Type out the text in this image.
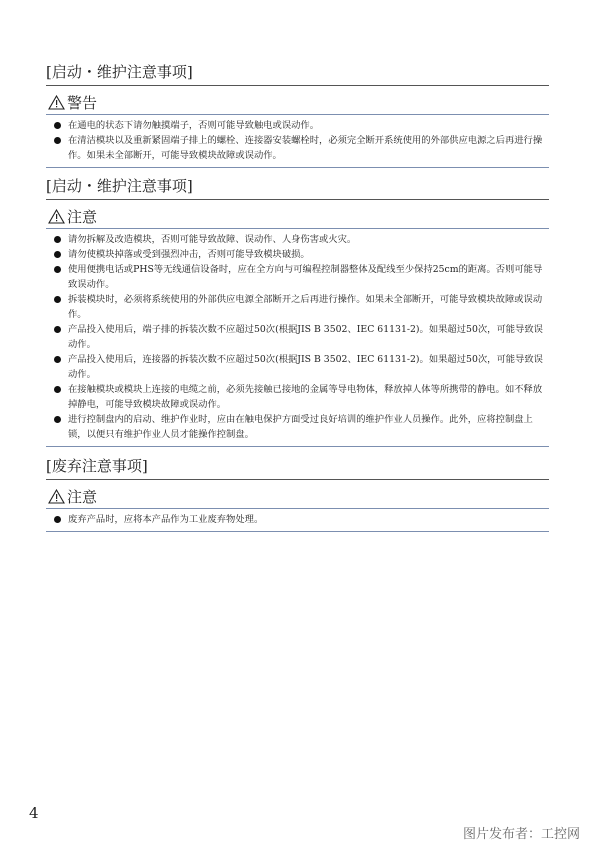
[启动・维护注意事项]
警告
在通电的状态下请勿触摸端子，否则可能导致触电或误动作。
在清洁模块以及重新紧固端子排上的螺栓、连接器安装螺栓时，必须完全断开系统使用的外部供应电源之后再进行操作。如果未全部断开，可能导致模块故障或误动作。
[启动・维护注意事项]
注意
请勿拆解及改造模块，否则可能导致故障、误动作、人身伤害或火灾。
请勿使模块掉落或受到强烈冲击，否则可能导致模块破损。
使用便携电话或PHS等无线通信设备时，应在全方向与可编程控制器整体及配线至少保持25cm的距离。否则可能导致误动作。
拆装模块时，必须将系统使用的外部供应电源全部断开之后再进行操作。如果未全部断开，可能导致模块故障或误动作。
产品投入使用后，端子排的拆装次数不应超过50次(根据JIS B 3502、IEC 61131-2)。如果超过50次，可能导致误动作。
产品投入使用后，连接器的拆装次数不应超过50次(根据JIS B 3502、IEC 61131-2)。如果超过50次，可能导致误动作。
在接触模块或模块上连接的电缆之前，必须先接触已接地的金属等导电物体，释放掉人体等所携带的静电。如不释放掉静电，可能导致模块故障或误动作。
进行控制盘内的启动、维护作业时，应由在触电保护方面受过良好培训的维护作业人员操作。此外，应将控制盘上锁，以便只有维护作业人员才能操作控制盘。
[废弃注意事项]
注意
废弃产品时，应将本产品作为工业废弃物处理。
4
图片发布者：工控网
